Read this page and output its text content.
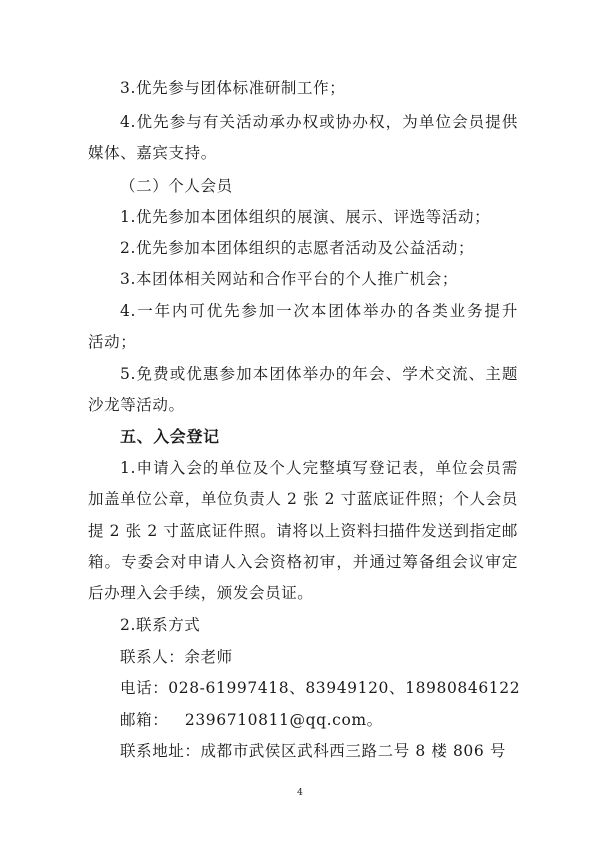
3.优先参与团体标准研制工作；
4.优先参与有关活动承办权或协办权，为单位会员提供
媒体、嘉宾支持。
（二）个人会员
1.优先参加本团体组织的展演、展示、评选等活动；
2.优先参加本团体组织的志愿者活动及公益活动；
3.本团体相关网站和合作平台的个人推广机会；
4.一年内可优先参加一次本团体举办的各类业务提升
活动；
5.免费或优惠参加本团体举办的年会、学术交流、主题
沙龙等活动。
五、入会登记
1.申请入会的单位及个人完整填写登记表，单位会员需
加盖单位公章，单位负责人 2 张 2 寸蓝底证件照；个人会员
提 2 张 2 寸蓝底证件照。请将以上资料扫描件发送到指定邮
箱。专委会对申请人入会资格初审，并通过筹备组会议审定
后办理入会手续，颁发会员证。
2.联系方式
联系人：余老师
电话：028-61997418、83949120、18980846122
邮箱：   2396710811@qq.com。
联系地址：成都市武侯区武科西三路二号 8 楼 806 号
4
